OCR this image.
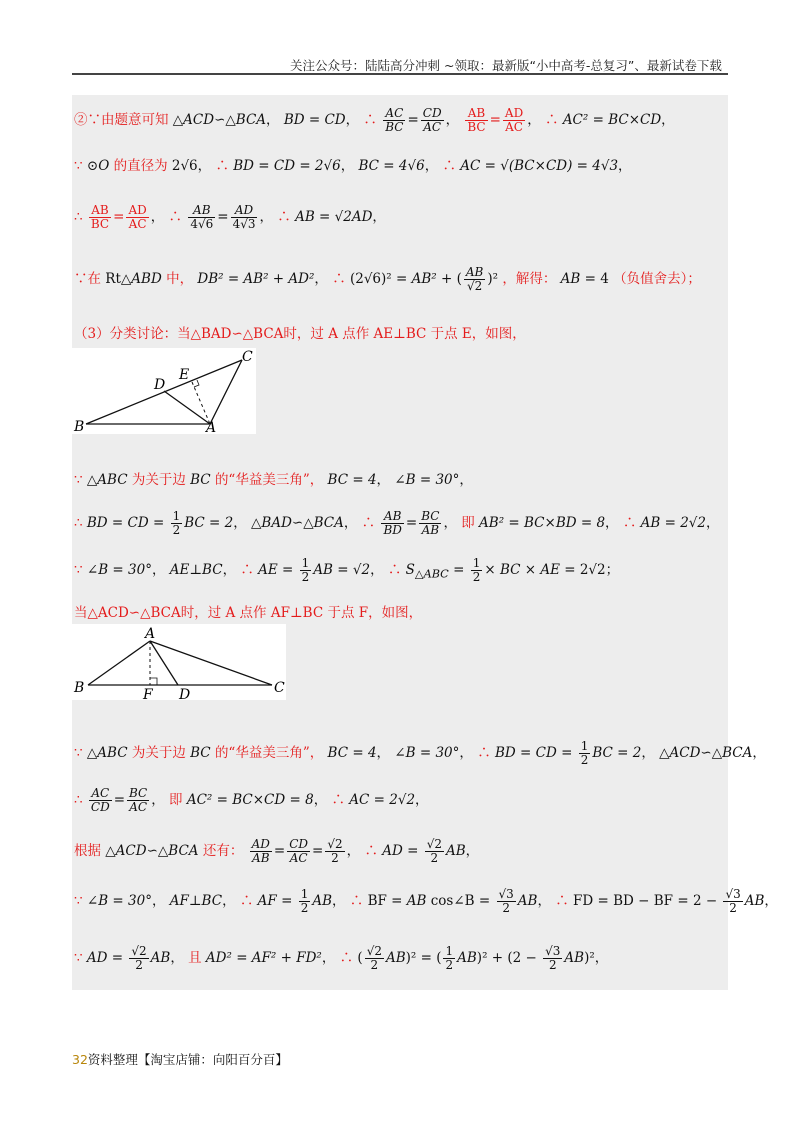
关注公众号：陆陆高分冲刺 ~领取：最新版“小中高考-总复习”、最新试卷下载
②∵由题意可知 △ACD∽△BCA， BD = CD， ∴ $\frac{AC}{BC} = \frac{CD}{AC}$ ， $\frac{AB}{BC} = \frac{AD}{AC}$ ， ∴ AC² = BC×CD，
∵ ⊙O 的直径为 2√6， ∴ BD = CD = 2√6， BC = 4√6， ∴ AC = √(BC×CD) = 4√3，
∴ $\frac{AB}{BC} = \frac{AD}{AC}$ ， ∴ $\frac{AB}{4√6} = \frac{AD}{4√3}$ ， ∴ AB = √2AD，
∵在 Rt△ABD 中， DB² = AB² + AD²， ∴ (2√6)² = AB² + ( $\frac{AB}{√2} )^2$ ，解得： AB = 4 （负值舍去）；
（3）分类讨论：当△BAD∽△BCA时，过 A 点作 AE⊥BC 于点 E，如图，
B	A
C
D
E
∵ △ABC 为关于边 BC 的“华益美三角”， BC = 4， ∠B = 30°，
∴ BD = CD = $\frac{1}{2}$ BC = 2， △BAD∽△BCA， ∴ $\frac{AB}{BD} = \frac{BC}{AB}$ ， 即 AB² = BC×BD = 8， ∴ AB = 2√2，
∵ ∠B = 30°， AE⊥BC， ∴ AE = $\frac{1}{2}$ AB = √2， ∴ $S_{\triangle ABC} = \frac{1}{2}$ × BC × AE = 2√2；
当△ACD∽△BCA时，过 A 点作 AF⊥BC 于点 F，如图，
A
B	C
F D
∵ △ABC 为关于边 BC 的“华益美三角”， BC = 4， ∠B = 30°， ∴ BD = CD = $\frac{1}{2}$ BC = 2， △ACD∽△BCA，
∴ $\frac{AC}{CD} = \frac{BC}{AC}$ ， 即 AC² = BC×CD = 8， ∴ AC = 2√2，
根据 △ACD∽△BCA 还有： $\frac{AD}{AB} = \frac{CD}{AC} = \frac{√2}{2}$ ， ∴ AD = $\frac{√2}{2}$ AB，
∵ ∠B = 30°， AF⊥BC， ∴ AF = $\frac{1}{2}$ AB， ∴ BF = AB cos∠B = $\frac{√3}{2}$ AB， ∴ FD = BD − BF = $2 - \frac{√3}{2}$ AB，
∵ AD = $\frac{√2}{2}$ AB， 且 AD² = AF² + FD²， ∴ ( $\frac{√2}{2} AB)^2$ = ( $\frac{1}{2} AB)^2 + (2 - \frac{√3}{2} AB)^2$，
32资料整理【淘宝店铺：向阳百分百】
